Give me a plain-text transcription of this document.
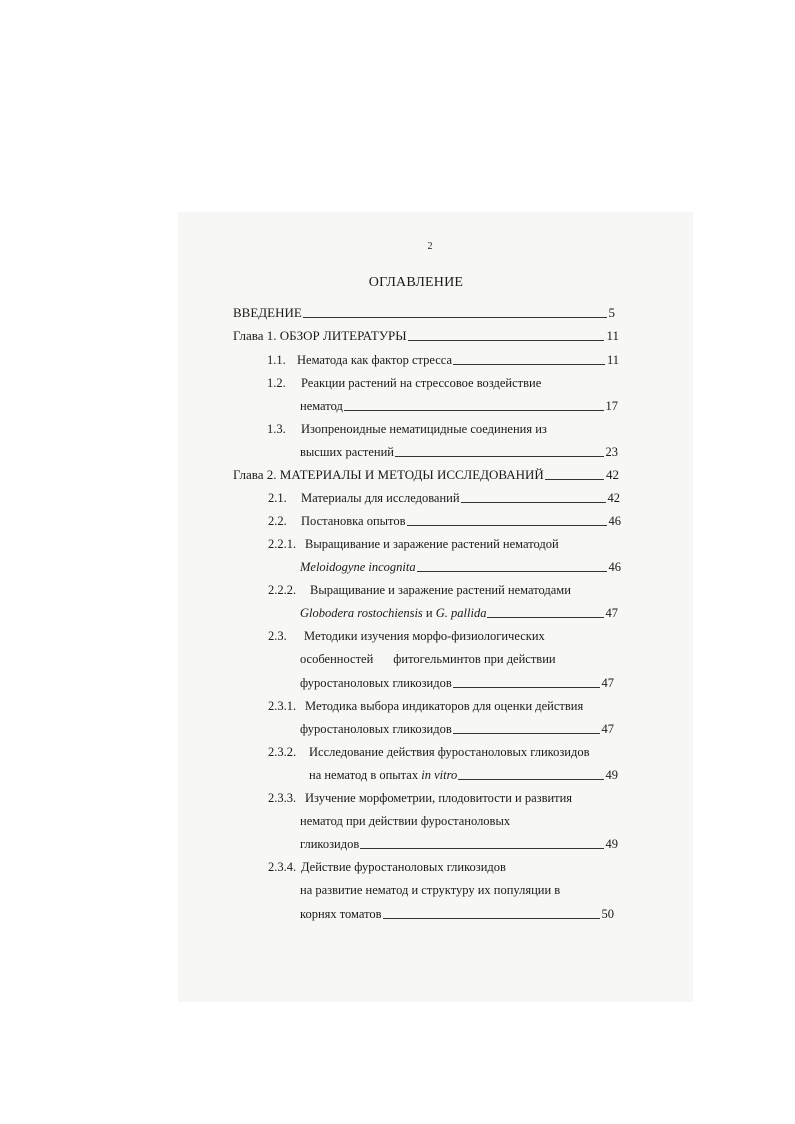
2
ОГЛАВЛЕНИЕ
ВВЕДЕНИЕ	5
Глава 1. ОБЗОР ЛИТЕРАТУРЫ	11
1.1. Нематода как фактор стресса	11
1.2.	Реакции растений на стрессовое воздействие
нематод	17
1.3.	Изопреноидные нематицидные соединения из
высших растений	23
Глава 2. МАТЕРИАЛЫ И МЕТОДЫ ИССЛЕДОВАНИЙ	42
2.1.	Материалы для исследований	42
2.2.	Постановка опытов	46
2.2.1. Выращивание и заражение растений нематодой
Meloidogyne incognita	46
2.2.2.	Выращивание и заражение растений нематодами
Globodera rostochiensis и G. pallida	47
2.3.	Методики изучения морфо-физиологических
особенностей фитогельминтов при действии
фуростаноловых гликозидов	47
2.3.1. Методика выбора индикаторов для оценки действия
фуростаноловых гликозидов	47
2.3.2.	Исследование действия фуростаноловых гликозидов
на нематод в опытах in vitro	49
2.3.3. Изучение морфометрии, плодовитости и развития
нематод при действии фуростаноловых
гликозидов	49
2.3.4. Действие фуростаноловых гликозидов
на развитие нематод и структуру их популяции в
корнях томатов	50
